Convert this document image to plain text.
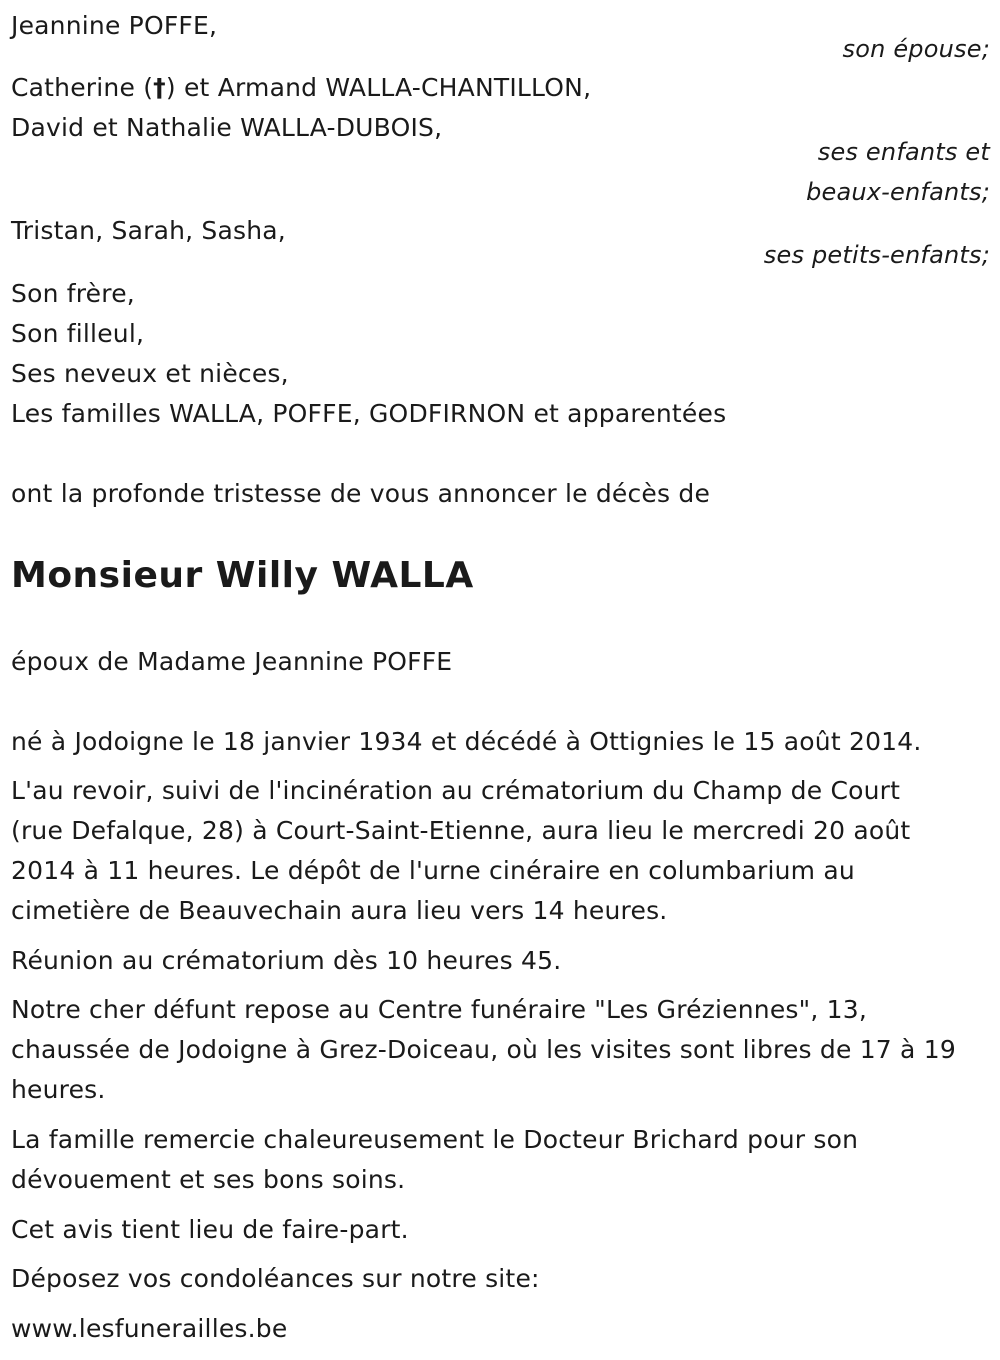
Jeannine POFFE,
son épouse;
Catherine (†) et Armand WALLA-CHANTILLON,
David et Nathalie WALLA-DUBOIS,
ses enfants et
beaux-enfants;
Tristan, Sarah, Sasha,
ses petits-enfants;
Son frère,
Son filleul,
Ses neveux et nièces,
Les familles WALLA, POFFE, GODFIRNON et apparentées
ont la profonde tristesse de vous annoncer le décès de
Monsieur Willy WALLA
époux de Madame Jeannine POFFE
né à Jodoigne le 18 janvier 1934 et décédé à Ottignies le 15 août 2014.
L'au revoir, suivi de l'incinération au crématorium du Champ de Court
(rue Defalque, 28) à Court-Saint-Etienne, aura lieu le mercredi 20 août
2014 à 11 heures. Le dépôt de l'urne cinéraire en columbarium au
cimetière de Beauvechain aura lieu vers 14 heures.
Réunion au crématorium dès 10 heures 45.
Notre cher défunt repose au Centre funéraire "Les Gréziennes", 13,
chaussée de Jodoigne à Grez-Doiceau, où les visites sont libres de 17 à 19
heures.
La famille remercie chaleureusement le Docteur Brichard pour son
dévouement et ses bons soins.
Cet avis tient lieu de faire-part.
Déposez vos condoléances sur notre site:
www.lesfunerailles.be
